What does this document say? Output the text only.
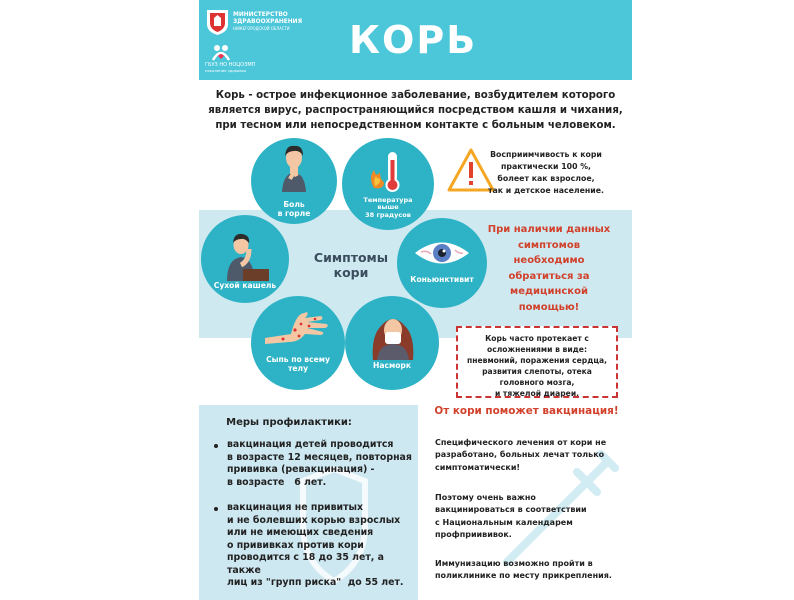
МИНИСТЕРСТВО
ЗДРАВООХРАНЕНИЯ
НИЖЕГОРОДСКОЙ ОБЛАСТИ
ГБУЗ НО НОЦОЗМП
поколение здоровья
КОРЬ
Корь - острое инфекционное заболевание, возбудителем которого
является вирус, распространяющийся посредством кашля и чихания,
при тесном или непосредственном контакте с больным человеком.
Симптомы
кори
Боль
в горле
Температура
выше
38 градусов
Сухой кашель
Коньюнктивит
Сыпь по всему
телу	Насморк
Восприимчивость к кори
практически 100 %,
болеет как взрослое,
так и детское население.
При наличии данных
симптомов
необходимо
обратиться за
медицинской
помощью!
Корь часто протекает с
осложнениями в виде:
пневмоний, поражения сердца,
развития слепоты, отека
головного мозга,
и тяжелой диареи.
Меры профилактики:
вакцинация детей проводится
в возрасте 12 месяцев, повторная
прививка (ревакцинация) -
в возрасте   6 лет.
вакцинация не привитых
и не болевших корью взрослых
или не имеющих сведения
о прививках против кори
проводится с 18 до 35 лет, а также
лиц из "групп риска"  до 55 лет.
От кори поможет вакцинация!
Специфического лечения от кори не
разработано, больных лечат только
симптоматически!
Поэтому очень важно
вакцинироваться в соответствии
с Национальным календарем
профприививок.
Иммунизацию возможно пройти в
поликлинике по месту прикрепления.
